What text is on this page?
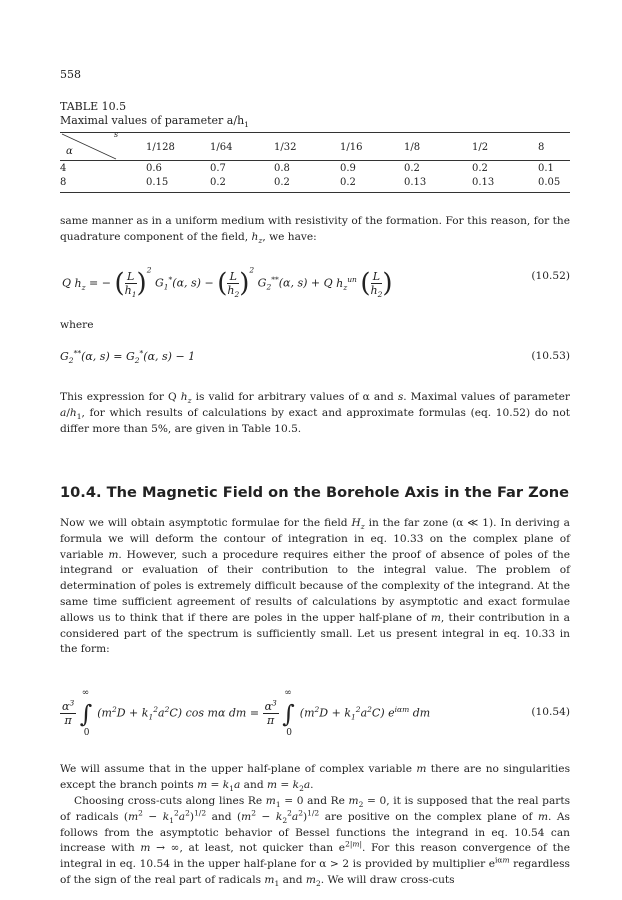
558
TABLE 10.5
Maximal values of parameter $a/h_1$
s
α	1/128	1/64	1/32	1/16	1/8	1/2	8
4	0.6	0.7	0.8	0.9	0.2	0.2	0.1
8	0.15	0.2	0.2	0.2	0.13	0.13	0.05
same manner as in a uniform medium with resistivity of the formation. For this reason, for the quadrature component of the field, $h_z$, we have:
Q $h_z$ = − ( $\frac{L}{h_1} )^2$ $G_1^*(\alpha$, s) − ( $\frac{L}{h_2} )^2$ $G_2^{**}(\alpha$, s) + Q $h_z^{un}$ ( $\frac{L}{h_2}$ )	(10.52)
where
$G_2^{**}(\alpha$, $s) = G_2^*(\alpha$, s) − 1	(10.53)
This expression for Q $h_z$ is valid for arbitrary values of α and s. Maximal values of parameter $a/h_1$, for which results of calculations by exact and approximate formulas (eq. 10.52) do not differ more than 5%, are given in Table 10.5.
10.4. The Magnetic Field on the Borehole Axis in the Far Zone
Now we will obtain asymptotic formulae for the field $H_z$ in the far zone (α ≪ 1). In deriving a formula we will deform the contour of integration in eq. 10.33 on the complex plane of variable m. However, such a procedure requires either the proof of absence of poles of the integrand or evaluation of their contribution to the integral value. The problem of determination of poles is extremely difficult because of the complexity of the integrand. At the same time sufficient agreement of results of calculations by asymptotic and exact formulae allows us to think that if there are poles in the upper half-plane of m, their contribution in a considered part of the spectrum is sufficiently small. Let us present integral in eq. 10.33 in the form:
$\frac{\alpha^3}{\pi}$

∞
∫
0
$(m^2D + k_1^2a^2C)$ cos mα dm = $\frac{\alpha^3}{\pi}$

∞
∫
0
$(m^2D + k_1^2a^2C)$ $e^{i\alpha m}$ dm	(10.54)
We will assume that in the upper half-plane of complex variable m there are no singularities except the branch points $m = k_1a$ and $m = k_2a$.
Choosing cross-cuts along lines Re $m_1 = 0$ and Re $m_2 = 0$, it is supposed that the real parts of radicals $(m^2 - k_1^2a^2)^{1/2}$ and $(m^2 - k_2^2a^2)^{1/2}$ are positive on the complex plane of m. As follows from the asymptotic behavior of Bessel functions the integrand in eq. 10.54 can increase with m → ∞, at least, not quicker than $e^{2|m|}$. For this reason convergence of the integral in eq. 10.54 in the upper half-plane for α > 2 is provided by multiplier $e^{i\alpha m}$ regardless of the sign of the real part of radicals $m_1$ and $m_2$. We will draw cross-cuts
